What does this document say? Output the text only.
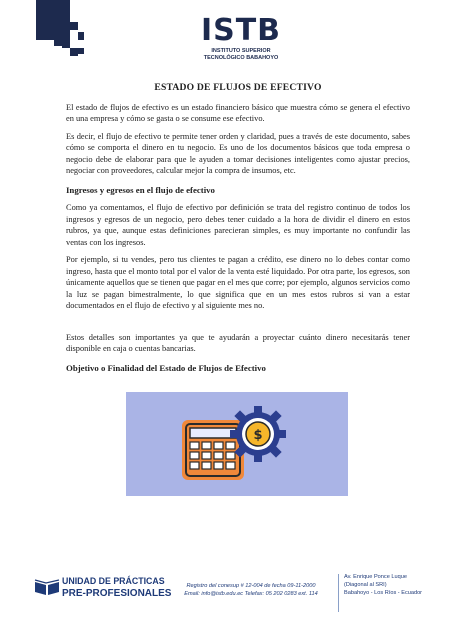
ISTB
INSTITUTO SUPERIOR
TECNOLÓGICO BABAHOYO
ESTADO DE FLUJOS DE EFECTIVO

El estado de flujos de efectivo es un estado financiero básico que muestra cómo se genera el efectivo en una empresa y cómo se gasta o se consume ese efectivo.

Es decir, el flujo de efectivo te permite tener orden y claridad, pues a través de este documento, sabes cómo se comporta el dinero en tu negocio. Es uno de los documentos básicos que toda empresa o negocio debe de elaborar para que le ayuden a tomar decisiones inteligentes como ajustar precios, negociar con proveedores, calcular mejor la compra de insumos, etc.

Ingresos y egresos en el flujo de efectivo

Como ya comentamos, el flujo de efectivo por definición se trata del registro continuo de todos los ingresos y egresos de un negocio, pero debes tener cuidado a la hora de dividir el dinero en estos rubros, ya que, aunque estas definiciones parecieran simples, es muy importante no confundir las ventas con los ingresos.

Por ejemplo, si tu vendes, pero tus clientes te pagan a crédito, ese dinero no lo debes contar como ingreso, hasta que el monto total por el valor de la venta esté liquidado. Por otra parte, los egresos, son únicamente aquellos que se tienen que pagar en el mes que corre; por ejemplo, algunos servicios como la luz se pagan bimestralmente, lo que significa que en un mes estos rubros si van a estar documentados en el flujo de efectivo y al siguiente mes no.

Estos detalles son importantes ya que te ayudarán a proyectar cuánto dinero necesitarás tener disponible en caja o cuentas bancarias.

Objetivo o Finalidad del Estado de Flujos de Efectivo
$
UNIDAD DE PRÁCTICAS
PRE-PROFESIONALES
Registro del conesup # 12-004 de fecha 09-11-2000
Email: info@istb.edu.ec Telefax: 05 202 0283 ext. 114
Av. Enrique Ponce Luque
(Diagonal al SRI)
Babahoyo - Los Ríos - Ecuador
